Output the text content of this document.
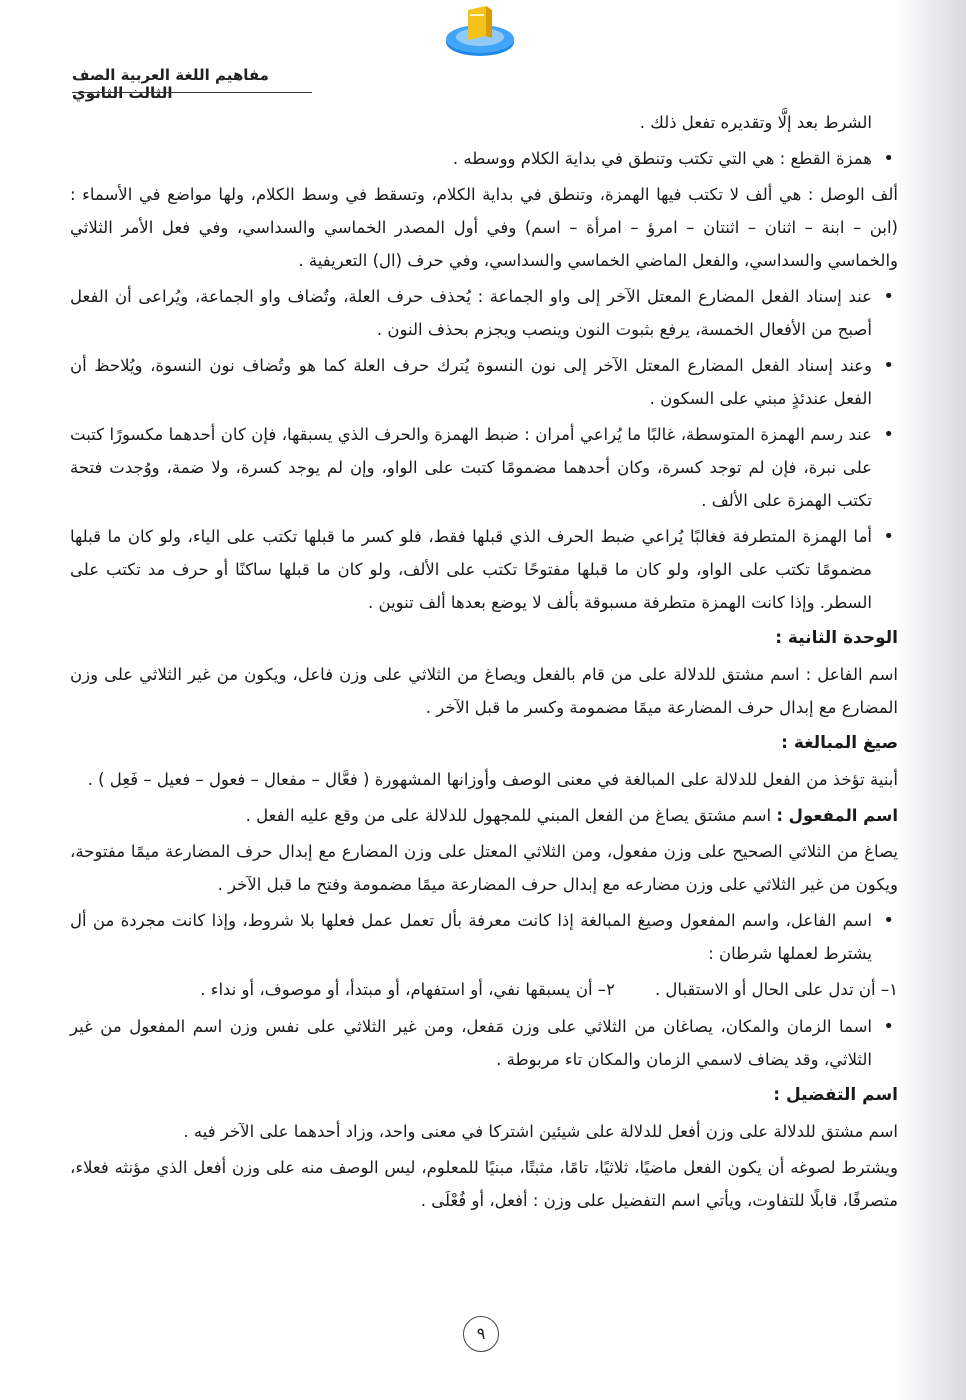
مفاهيم اللغة العربية الصف الثالث الثانوي

الشرط بعد إلَّا وتقديره تفعل ذلك .

• همزة القطع : هي التي تكتب وتنطق في بداية الكلام ووسطه .

ألف الوصل : هي ألف لا تكتب فيها الهمزة، وتنطق في بداية الكلام، وتسقط في وسط الكلام، ولها مواضع في الأسماء : (ابن – ابنة – اثنان – اثنتان – امرؤ – امرأة – اسم) وفي أول المصدر الخماسي والسداسي، وفي فعل الأمر الثلاثي والخماسي والسداسي، والفعل الماضي الخماسي والسداسي، وفي حرف (ال) التعريفية .

• عند إسناد الفعل المضارع المعتل الآخر إلى واو الجماعة : يُحذف حرف العلة، وتُضاف واو الجماعة، ويُراعى أن الفعل أصبح من الأفعال الخمسة، يرفع بثبوت النون وينصب ويجزم بحذف النون .

• وعند إسناد الفعل المضارع المعتل الآخر إلى نون النسوة يُترك حرف العلة كما هو وتُضاف نون النسوة، ويُلاحظ أن الفعل عندئذٍ مبني على السكون .

• عند رسم الهمزة المتوسطة، غالبًا ما يُراعي أمران : ضبط الهمزة والحرف الذي يسبقها، فإن كان أحدهما مكسورًا كتبت على نبرة، فإن لم توجد كسرة، وكان أحدهما مضمومًا كتبت على الواو، وإن لم يوجد كسرة، ولا ضمة، ووُجدت فتحة تكتب الهمزة على الألف .

• أما الهمزة المتطرفة فغالبًا يُراعي ضبط الحرف الذي قبلها فقط، فلو كسر ما قبلها تكتب على الياء، ولو كان ما قبلها مضمومًا تكتب على الواو، ولو كان ما قبلها مفتوحًا تكتب على الألف، ولو كان ما قبلها ساكنًا أو حرف مد تكتب على السطر. وإذا كانت الهمزة متطرفة مسبوقة بألف لا يوضع بعدها ألف تنوين .

الوحدة الثانية :

اسم الفاعل : اسم مشتق للدلالة على من قام بالفعل ويصاغ من الثلاثي على وزن فاعل، ويكون من غير الثلاثي على وزن المضارع مع إبدال حرف المضارعة ميمًا مضمومة وكسر ما قبل الآخر .

صيغ المبالغة :

أبنية تؤخذ من الفعل للدلالة على المبالغة في معنى الوصف وأوزانها المشهورة ( فعَّال – مفعال – فعول – فعيل – فَعِل ) .

اسم المفعول : اسم مشتق يصاغ من الفعل المبني للمجهول للدلالة على من وقع عليه الفعل .

يصاغ من الثلاثي الصحيح على وزن مفعول، ومن الثلاثي المعتل على وزن المضارع مع إبدال حرف المضارعة ميمًا مفتوحة، ويكون من غير الثلاثي على وزن مضارعه مع إبدال حرف المضارعة ميمًا مضمومة وفتح ما قبل الآخر .

• اسم الفاعل، واسم المفعول وصيغ المبالغة إذا كانت معرفة بأل تعمل عمل فعلها بلا شروط، وإذا كانت مجردة من أل يشترط لعملها شرطان :

١– أن تدل على الحال أو الاستقبال .
٢– أن يسبقها نفي، أو استفهام، أو مبتدأ، أو موصوف، أو نداء .

• اسما الزمان والمكان، يصاغان من الثلاثي على وزن مَفعل، ومن غير الثلاثي على نفس وزن اسم المفعول من غير الثلاثي، وقد يضاف لاسمي الزمان والمكان تاء مربوطة .

اسم التفضيل :

اسم مشتق للدلالة على وزن أفعل للدلالة على شيئين اشتركا في معنى واحد، وزاد أحدهما على الآخر فيه .

ويشترط لصوغه أن يكون الفعل ماضيًا، ثلاثيًا، تامًا، مثبتًا، مبنيًا للمعلوم، ليس الوصف منه على وزن أفعل الذي مؤنثه فعلاء، متصرفًا، قابلًا للتفاوت، ويأتي اسم التفضيل على وزن : أفعل، أو فُعْلَى .

٩
